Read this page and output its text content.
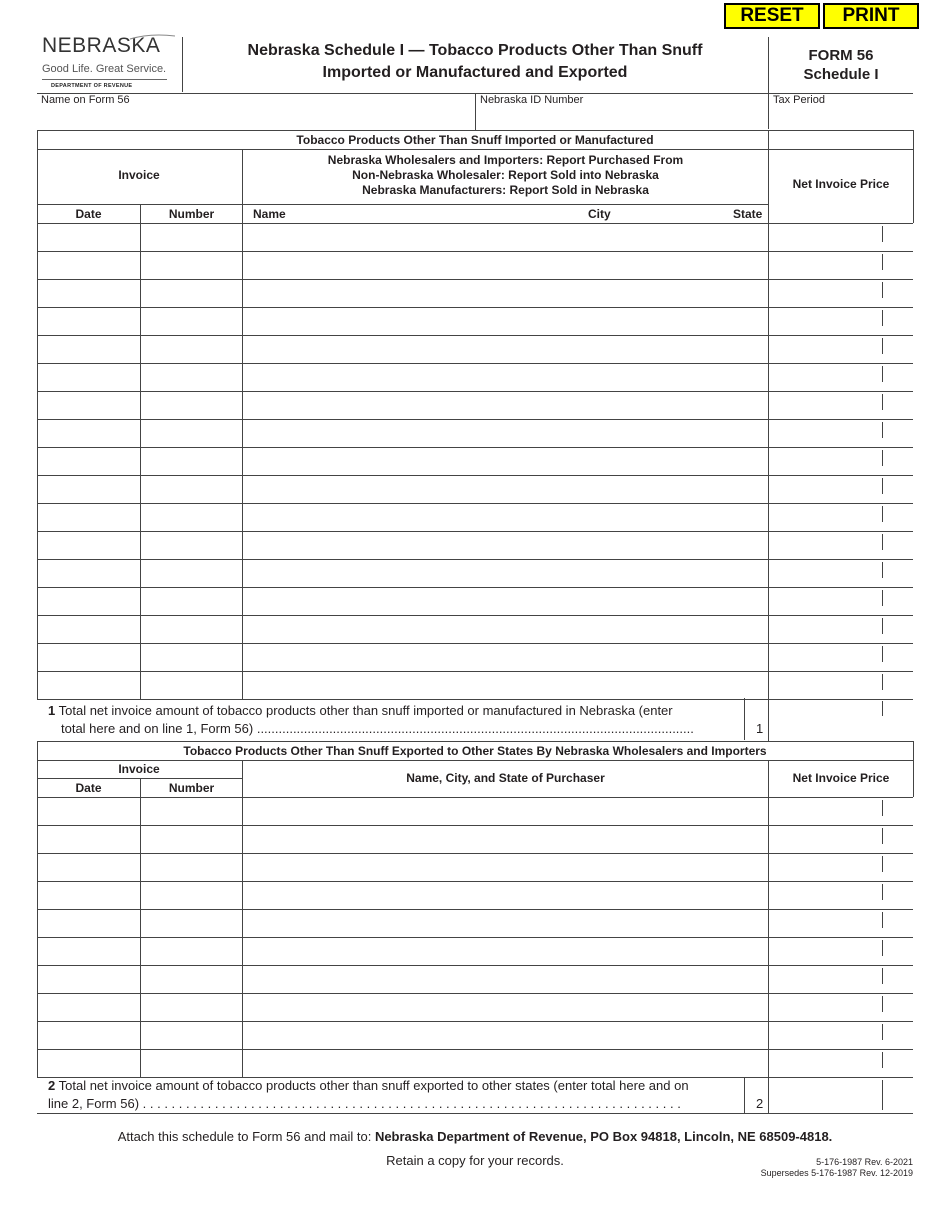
RESET	PRINT
NEBRASKA
Good Life. Great Service.
DEPARTMENT OF REVENUE
Nebraska Schedule I — Tobacco Products Other Than Snuff
Imported or Manufactured and Exported
FORM 56
Schedule I
Name on Form 56	Nebraska ID Number	Tax Period
Tobacco Products Other Than Snuff Imported or Manufactured
Invoice
Nebraska Wholesalers and Importers: Report Purchased From
Non-Nebraska Wholesaler: Report Sold into Nebraska
Nebraska Manufacturers: Report Sold in Nebraska	Net Invoice Price
Date	Number	Name	City	State
1 Total net invoice amount of tobacco products other than snuff imported or manufactured in Nebraska (enter
total here and on line 1, Form 56) .........................................................................................................................	1
Tobacco Products Other Than Snuff Exported to Other States By Nebraska Wholesalers and Importers
Invoice
Date	Number
Name, City, and State of Purchaser	Net Invoice Price
2 Total net invoice amount of tobacco products other than snuff exported to other states (enter total here and on
line 2, Form 56) . . . . . . . . . . . . . . . . . . . . . . . . . . . . . . . . . . . . . . . . . . . . . . . . . . . . . . . . . . . . . . . . . . . . . . . . . . .	2
Attach this schedule to Form 56 and mail to: Nebraska Department of Revenue, PO Box 94818, Lincoln, NE 68509-4818.
Retain a copy for your records.	5-176-1987 Rev. 6-2021
Supersedes 5-176-1987 Rev. 12-2019
